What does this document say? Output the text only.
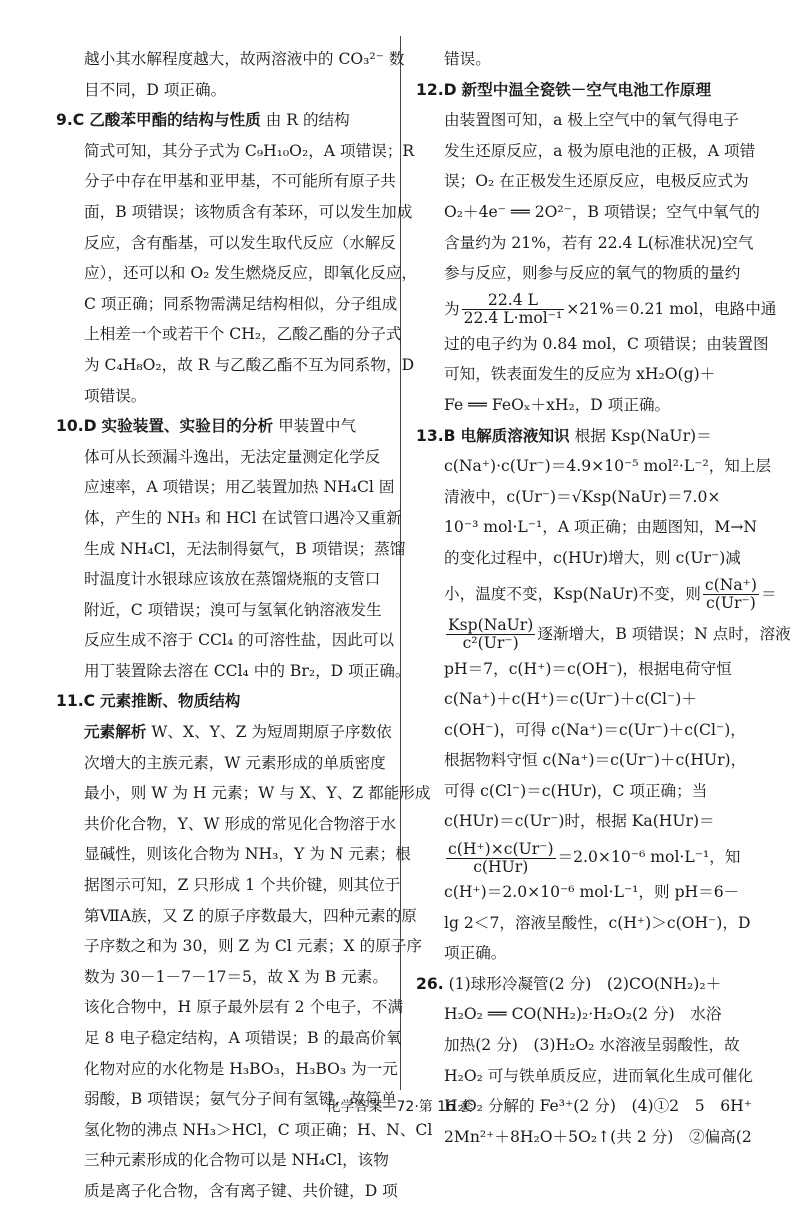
越小其水解程度越大，故两溶液中的 CO₃²⁻ 数
目不同，D 项正确。
9.C 乙酸苯甲酯的结构与性质 由 R 的结构
简式可知，其分子式为 C₉H₁₀O₂，A 项错误；R
分子中存在甲基和亚甲基，不可能所有原子共
面，B 项错误；该物质含有苯环，可以发生加成
反应，含有酯基，可以发生取代反应（水解反
应），还可以和 O₂ 发生燃烧反应，即氧化反应，
C 项正确；同系物需满足结构相似，分子组成
上相差一个或若干个 CH₂，乙酸乙酯的分子式
为 C₄H₈O₂，故 R 与乙酸乙酯不互为同系物，D
项错误。
10.D 实验装置、实验目的分析 甲装置中气
体可从长颈漏斗逸出，无法定量测定化学反
应速率，A 项错误；用乙装置加热 NH₄Cl 固
体，产生的 NH₃ 和 HCl 在试管口遇冷又重新
生成 NH₄Cl，无法制得氨气，B 项错误；蒸馏
时温度计水银球应该放在蒸馏烧瓶的支管口
附近，C 项错误；溴可与氢氧化钠溶液发生
反应生成不溶于 CCl₄ 的可溶性盐，因此可以
用丁装置除去溶在 CCl₄ 中的 Br₂，D 项正确。
11.C 元素推断、物质结构
元素解析 W、X、Y、Z 为短周期原子序数依
次增大的主族元素，W 元素形成的单质密度
最小，则 W 为 H 元素；W 与 X、Y、Z 都能形成
共价化合物，Y、W 形成的常见化合物溶于水
显碱性，则该化合物为 NH₃，Y 为 N 元素；根
据图示可知，Z 只形成 1 个共价键，则其位于
第ⅦA族，又 Z 的原子序数最大，四种元素的原
子序数之和为 30，则 Z 为 Cl 元素；X 的原子序
数为 30－1－7－17＝5，故 X 为 B 元素。
该化合物中，H 原子最外层有 2 个电子，不满
足 8 电子稳定结构，A 项错误；B 的最高价氧
化物对应的水化物是 H₃BO₃，H₃BO₃ 为一元
弱酸，B 项错误；氨气分子间有氢键，故简单
氢化物的沸点 NH₃＞HCl，C 项正确；H、N、Cl
三种元素形成的化合物可以是 NH₄Cl，该物
质是离子化合物，含有离子键、共价键，D 项
错误。
12.D 新型中温全瓷铁－空气电池工作原理
由装置图可知，a 极上空气中的氧气得电子
发生还原反应，a 极为原电池的正极，A 项错
误；O₂ 在正极发生还原反应，电极反应式为
O₂＋4e⁻ ══ 2O²⁻，B 项错误；空气中氧气的
含量约为 21%，若有 22.4 L(标准状况)空气
参与反应，则参与反应的氧气的物质的量约
为 $\frac{22.4 L}{\text{22.4 L·mol⁻¹}} \times 21\%=0.21$ mol，电路中通
过的电子约为 0.84 mol，C 项错误；由装置图
可知，铁表面发生的反应为 xH₂O(g)＋
Fe ══ FeOₓ＋xH₂，D 项正确。
13.B 电解质溶液知识 根据 Ksp(NaUr)＝
c(Na⁺)·c(Ur⁻)＝4.9×10⁻⁵ mol²·L⁻²，知上层
清液中，c(Ur⁻)＝√Ksp(NaUr)＝7.0×
10⁻³ mol·L⁻¹，A 项正确；由题图知，M→N
的变化过程中，c(HUr)增大，则 c(Ur⁻)减
小，温度不变，Ksp(NaUr)不变，则 $\frac{c(Na^+)}{c(Ur^-)}$ ＝
$\frac{\text{Ksp(NaUr)}}{\text{c²(Ur⁻)}}$ 逐渐增大，B 项错误；N 点时，溶液
pH＝7，c(H⁺)＝c(OH⁻)，根据电荷守恒
c(Na⁺)＋c(H⁺)＝c(Ur⁻)＋c(Cl⁻)＋
c(OH⁻)，可得 c(Na⁺)＝c(Ur⁻)＋c(Cl⁻)，
根据物料守恒 c(Na⁺)＝c(Ur⁻)＋c(HUr)，
可得 c(Cl⁻)＝c(HUr)，C 项正确；当
c(HUr)＝c(Ur⁻)时，根据 Ka(HUr)＝
$\frac{c(H^+)\times c(Ur^-)}{\text{c(HUr)}} =2.0\times 10^{-6}$ mol·L⁻¹，知
c(H⁺)＝2.0×10⁻⁶ mol·L⁻¹，则 pH＝6－
lg 2＜7，溶液呈酸性，c(H⁺)＞c(OH⁻)，D
项正确。
26. (1)球形冷凝管(2 分)　(2)CO(NH₂)₂＋
H₂O₂ ══ CO(NH₂)₂·H₂O₂(2 分)　水浴
加热(2 分)　(3)H₂O₂ 水溶液呈弱酸性，故
H₂O₂ 可与铁单质反应，进而氧化生成可催化
H₂O₂ 分解的 Fe³⁺(2 分)　(4)①2　5　6H⁺
2Mn²⁺＋8H₂O＋5O₂↑(共 2 分)　②偏高(2
化学答案—72·第 16 套
